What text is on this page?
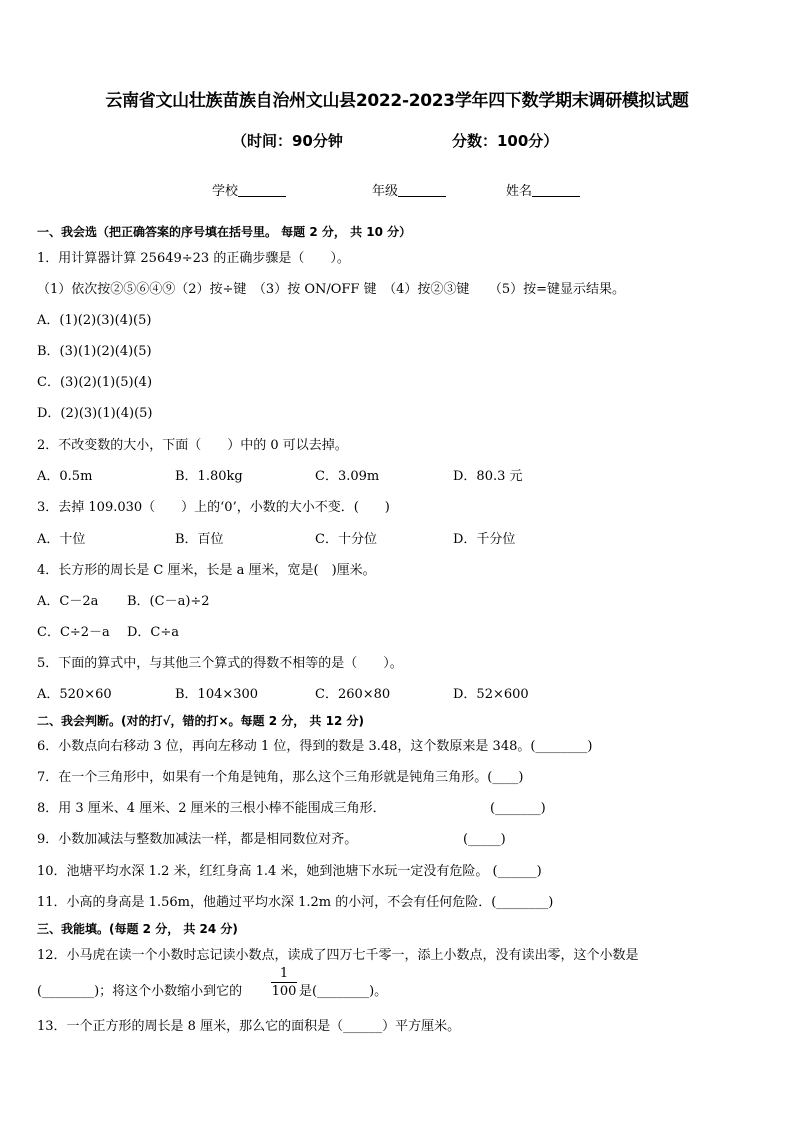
云南省文山壮族苗族自治州文山县2022-2023学年四下数学期末调研模拟试题
（时间：90分钟	分数：100分）
学校	年级	姓名
一、我会选（把正确答案的序号填在括号里。 每题 2 分， 共 10 分）
1．用计算器计算 25649÷23 的正确步骤是（　　）。
（1）依次按②⑤⑥④⑨（2）按÷键　（3）按 ON/OFF 键　（4）按②③键　　（5）按=键显示结果。
A．(1)(2)(3)(4)(5)
B．(3)(1)(2)(4)(5)
C．(3)(2)(1)(5)(4)
D．(2)(3)(1)(4)(5)
2．不改变数的大小，下面（　　）中的 0 可以去掉。
A．0.5m	B．1.80kg	C．3.09m	D．80.3 元
3．去掉 109.030（　　）上的‘0’，小数的大小不变．(　　)
A．十位	B．百位	C．十分位	D．千分位
4．长方形的周长是 C 厘米，长是 a 厘米，宽是(　)厘米。
A．C－2a B．(C－a)÷2
C．C÷2－a D．C÷a
5．下面的算式中，与其他三个算式的得数不相等的是（　　）。
A．520×60	B．104×300	C．260×80	D．52×600
二、我会判断。(对的打√，错的打×。每题 2 分， 共 12 分)
6．小数点向右移动 3 位，再向左移动 1 位，得到的数是 3.48，这个数原来是 348。(________)
7．在一个三角形中，如果有一个角是钝角，那么这个三角形就是钝角三角形。(____)
8．用 3 厘米、4 厘米、2 厘米的三根小棒不能围成三角形．	(_______)
9．小数加减法与整数加减法一样，都是相同数位对齐。	(_____)
10．池塘平均水深 1.2 米，红红身高 1.4 米，她到池塘下水玩一定没有危险。 (______)
11．小高的身高是 1.56m，他趟过平均水深 1.2m 的小河，不会有任何危险．(________)
三、我能填。(每题 2 分， 共 24 分)
12．小马虎在读一个小数时忘记读小数点，读成了四万七千零一，添上小数点，没有读出零，这个小数是
(________)；将这个小数缩小到它的 $\frac{1}{100}$ 是(________)。
13．一个正方形的周长是 8 厘米，那么它的面积是（______）平方厘米。
